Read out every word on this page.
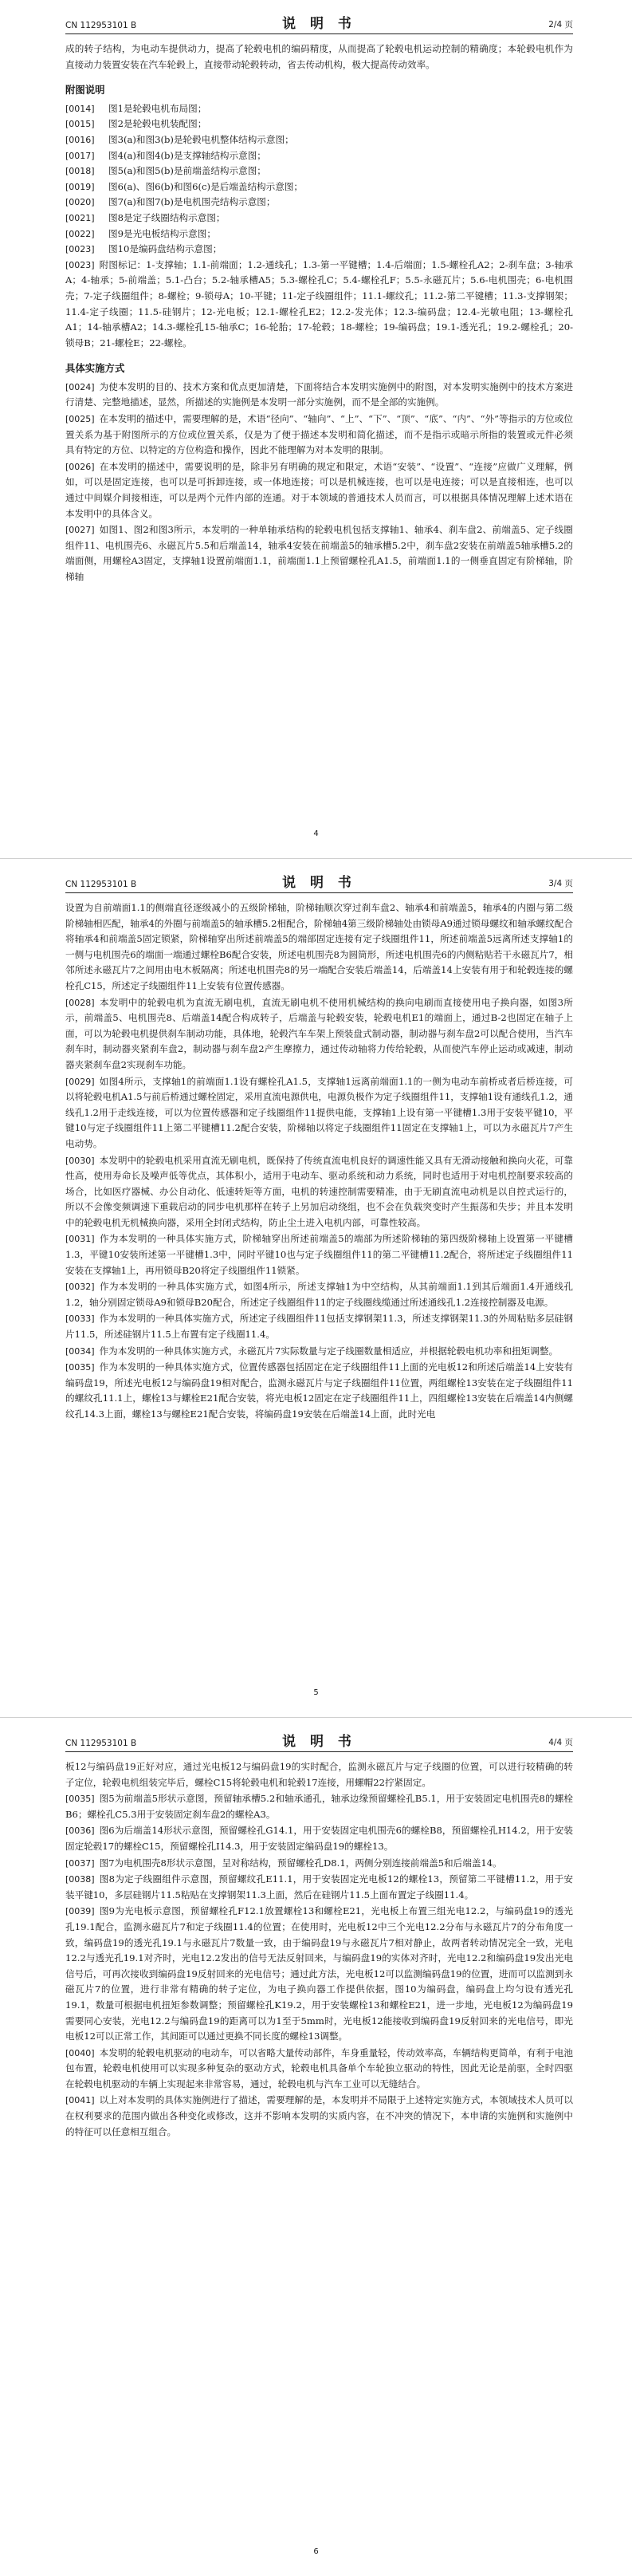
CN 112953101 B	说 明 书	2/4 页

成的转子结构，为电动车提供动力，提高了轮毂电机的编码精度，从而提高了轮毂电机运动控制的精确度；本轮毂电机作为直接动力装置安装在汽车轮毂上，直接带动轮毂转动，省去传动机构，极大提高传动效率。

附图说明

[0014] 图1是轮毂电机布局图；

[0015] 图2是轮毂电机装配图；

[0016] 图3(a)和图3(b)是轮毂电机整体结构示意图；

[0017] 图4(a)和图4(b)是支撑轴结构示意图；

[0018] 图5(a)和图5(b)是前端盖结构示意图；

[0019] 图6(a)、图6(b)和图6(c)是后端盖结构示意图；

[0020] 图7(a)和图7(b)是电机围壳结构示意图；

[0021] 图8是定子线圈结构示意图；

[0022] 图9是光电板结构示意图；

[0023] 图10是编码盘结构示意图；

[0023] 附图标记：1-支撑轴；1.1-前端面；1.2-通线孔；1.3-第一平键槽；1.4-后端面；1.5-螺栓孔A2；2-刹车盘；3-轴承A；4-轴承；5-前端盖；5.1-凸台；5.2-轴承槽A5；5.3-螺栓孔C；5.4-螺栓孔F；5.5-永磁瓦片；5.6-电机围壳；6-电机围壳；7-定子线圈组件；8-螺栓；9-锁母A；10-平键；11-定子线圈组件；11.1-螺纹孔；11.2-第二平键槽；11.3-支撑钢架；11.4-定子线圈；11.5-硅钢片；12-光电板；12.1-螺栓孔E2；12.2-发光体；12.3-编码盘；12.4-光敏电阻；13-螺栓孔A1；14-轴承槽A2；14.3-螺栓孔15-轴承C；16-轮胎；17-轮毂；18-螺栓；19-编码盘；19.1-透光孔；19.2-螺栓孔；20-锁母B；21-螺栓E；22-螺栓。

具体实施方式

[0024] 为使本发明的目的、技术方案和优点更加清楚，下面将结合本发明实施例中的附图，对本发明实施例中的技术方案进行清楚、完整地描述，显然，所描述的实施例是本发明一部分实施例，而不是全部的实施例。

[0025] 在本发明的描述中，需要理解的是，术语“径向”、“轴向”、“上”、“下”、“顶”、“底”、“内”、“外”等指示的方位或位置关系为基于附图所示的方位或位置关系，仅是为了便于描述本发明和简化描述，而不是指示或暗示所指的装置或元件必须具有特定的方位、以特定的方位构造和操作，因此不能理解为对本发明的限制。

[0026] 在本发明的描述中，需要说明的是，除非另有明确的规定和限定，术语“安装”、“设置”、“连接”应做广义理解，例如，可以是固定连接，也可以是可拆卸连接，或一体地连接；可以是机械连接，也可以是电连接；可以是直接相连，也可以通过中间媒介间接相连，可以是两个元件内部的连通。对于本领域的普通技术人员而言，可以根据具体情况理解上述术语在本发明中的具体含义。

[0027] 如图1、图2和图3所示，本发明的一种单轴承结构的轮毂电机包括支撑轴1、轴承4、刹车盘2、前端盖5、定子线圈组件11、电机围壳6、永磁瓦片5.5和后端盖14，轴承4安装在前端盖5的轴承槽5.2中，刹车盘2安装在前端盖5轴承槽5.2的端面侧，用螺栓A3固定，支撑轴1设置前端面1.1，前端面1.1上预留螺栓孔A1.5，前端面1.1的一侧垂直固定有阶梯轴，阶梯轴

4
CN 112953101 B	说 明 书	3/4 页

设置为自前端面1.1的侧端直径逐级减小的五级阶梯轴，阶梯轴顺次穿过刹车盘2、轴承4和前端盖5，轴承4的内圈与第二级阶梯轴相匹配，轴承4的外圈与前端盖5的轴承槽5.2相配合，阶梯轴4第三级阶梯轴处由锁母A9通过锁母螺纹和轴承螺纹配合将轴承4和前端盖5固定锁紧，阶梯轴穿出所述前端盖5的端部固定连接有定子线圈组件11，所述前端盖5远离所述支撑轴1的一侧与电机围壳6的端面一端通过螺栓B6配合安装，所述电机围壳8为圆筒形，所述电机围壳6的内侧粘贴若干永磁瓦片7，相邻所述永磁瓦片7之间用由电木板隔离；所述电机围壳8的另一端配合安装后端盖14，后端盖14上安装有用于和轮毂连接的螺栓孔C15，所述定子线圈组件11上安装有位置传感器。

[0028] 本发明中的轮毂电机为直流无刷电机，直流无刷电机不使用机械结构的换向电刷而直接使用电子换向器，如图3所示，前端盖5、电机围壳8、后端盖14配合构成转子，后端盖与轮毂安装，轮毂电机E1的端面上，通过B-2也固定在轴子上面，可以为轮毂电机提供刹车制动功能，具体地，轮毂汽车车架上预装盘式制动器，制动器与刹车盘2可以配合使用，当汽车刹车时，制动器夹紧刹车盘2，制动器与刹车盘2产生摩擦力，通过传动轴将力传给轮毂，从而使汽车停止运动或减速，制动器夹紧刹车盘2实现刹车功能。

[0029] 如图4所示，支撑轴1的前端面1.1设有螺栓孔A1.5，支撑轴1远离前端面1.1的一侧为电动车前桥或者后桥连接，可以将轮毂电机A1.5与前后桥通过螺栓固定，采用直流电源供电，电源负极作为定子线圈组件11，支撑轴1设有通线孔1.2，通线孔1.2用于走线连接，可以为位置传感器和定子线圈组件11提供电能，支撑轴1上设有第一平键槽1.3用于安装平键10，平键10与定子线圈组件11上第二平键槽11.2配合安装，阶梯轴以将定子线圈组件11固定在支撑轴1上，可以为永磁瓦片7产生电动势。

[0030] 本发明中的轮毂电机采用直流无刷电机，既保持了传统直流电机良好的调速性能又具有无滑动接触和换向火花，可靠性高，使用寿命长及噪声低等优点，其体积小，适用于电动车、驱动系统和动力系统，同时也适用于对电机控制要求较高的场合，比如医疗器械、办公自动化、低速转矩等方面，电机的转速控制需要精准，由于无刷直流电动机是以自控式运行的，所以不会像变频调速下重载启动的同步电机那样在转子上另加启动绕组，也不会在负载突变时产生振荡和失步；并且本发明中的轮毂电机无机械换向器，采用全封闭式结构，防止尘土进入电机内部，可靠性较高。

[0031] 作为本发明的一种具体实施方式，阶梯轴穿出所述前端盖5的端部为所述阶梯轴的第四级阶梯轴上设置第一平键槽1.3，平键10安装所述第一平键槽1.3中，同时平键10也与定子线圈组件11的第二平键槽11.2配合，将所述定子线圈组件11安装在支撑轴1上，再用锁母B20将定子线圈组件11锁紧。

[0032] 作为本发明的一种具体实施方式，如图4所示，所述支撑轴1为中空结构，从其前端面1.1到其后端面1.4开通线孔1.2，轴分别固定锁母A9和锁母B20配合，所述定子线圈组件11的定子线圈线缆通过所述通线孔1.2连接控制器及电源。

[0033] 作为本发明的一种具体实施方式，所述定子线圈组件11包括支撑钢架11.3，所述支撑钢架11.3的外周粘贴多层硅钢片11.5，所述硅钢片11.5上布置有定子线圈11.4。

[0034] 作为本发明的一种具体实施方式，永磁瓦片7实际数量与定子线圈数量相适应，并根据轮毂电机功率和扭矩调整。

[0035] 作为本发明的一种具体实施方式，位置传感器包括固定在定子线圈组件11上面的光电板12和所述后端盖14上安装有编码盘19，所述光电板12与编码盘19相对配合，监测永磁瓦片与定子线圈组件11位置，两组螺栓13安装在定子线圈组件11的螺纹孔11.1上，螺栓13与螺栓E21配合安装，将光电板12固定在定子线圈组件11上，四组螺栓13安装在后端盖14内侧螺纹孔14.3上面，螺栓13与螺栓E21配合安装，将编码盘19安装在后端盖14上面，此时光电

5
CN 112953101 B	说 明 书	4/4 页

板12与编码盘19正好对应，通过光电板12与编码盘19的实时配合，监测永磁瓦片与定子线圈的位置，可以进行较精确的转子定位，轮毂电机组装完毕后，螺栓C15将轮毂电机和轮毂17连接，用螺帽22拧紧固定。

[0035] 图5为前端盖5形状示意图，预留轴承槽5.2和轴承通孔，轴承边缘预留螺栓孔B5.1，用于安装固定电机围壳8的螺栓B6；螺栓孔C5.3用于安装固定刹车盘2的螺栓A3。

[0036] 图6为后端盖14形状示意图，预留螺栓孔G14.1，用于安装固定电机围壳6的螺栓B8，预留螺栓孔H14.2，用于安装固定轮毂17的螺栓C15，预留螺栓孔I14.3，用于安装固定编码盘19的螺栓13。

[0037] 图7为电机围壳8形状示意图，呈对称结构，预留螺栓孔D8.1，两侧分别连接前端盖5和后端盖14。

[0038] 图8为定子线圈组件示意图，预留螺纹孔E11.1，用于安装固定光电板12的螺栓13，预留第二平键槽11.2，用于安装平键10，多层硅钢片11.5粘贴在支撑钢架11.3上面，然后在硅钢片11.5上面布置定子线圈11.4。

[0039] 图9为光电板示意图，预留螺栓孔F12.1放置螺栓13和螺栓E21，光电板上布置三组光电12.2，与编码盘19的透光孔19.1配合，监测永磁瓦片7和定子线圈11.4的位置；在使用时，光电板12中三个光电12.2分布与永磁瓦片7的分布角度一致，编码盘19的透光孔19.1与永磁瓦片7数量一致，由于编码盘19与永磁瓦片7相对静止，故两者转动情况完全一致，光电12.2与透光孔19.1对齐时，光电12.2发出的信号无法反射回来，与编码盘19的实体对齐时，光电12.2和编码盘19发出光电信号后，可再次接收到编码盘19反射回来的光电信号；通过此方法，光电板12可以监测编码盘19的位置，进而可以监测到永磁瓦片7的位置，进行非常有精确的转子定位，为电子换向器工作提供依据，图10为编码盘，编码盘上均匀设有透光孔19.1，数量可根据电机扭矩参数调整；预留螺栓孔K19.2，用于安装螺栓13和螺栓E21，进一步地，光电板12为编码盘19需要同心安装，光电12.2与编码盘19的距离可以为1至于5mm时，光电板12能接收到编码盘19反射回来的光电信号，即光电板12可以正常工作，其间距可以通过更换不同长度的螺栓13调整。

[0040] 本发明的轮毂电机驱动的电动车，可以省略大量传动部件，车身重量轻，传动效率高，车辆结构更简单，有利于电池包布置，轮毂电机使用可以实现多种复杂的驱动方式，轮毂电机具备单个车轮独立驱动的特性，因此无论是前驱，全时四驱在轮毂电机驱动的车辆上实现起来非常容易，通过，轮毂电机与汽车工业可以无缝结合。

[0041] 以上对本发明的具体实施例进行了描述，需要理解的是，本发明并不局限于上述特定实施方式，本领域技术人员可以在权利要求的范围内做出各种变化或修改，这并不影响本发明的实质内容，在不冲突的情况下，本申请的实施例和实施例中的特征可以任意相互组合。

6
